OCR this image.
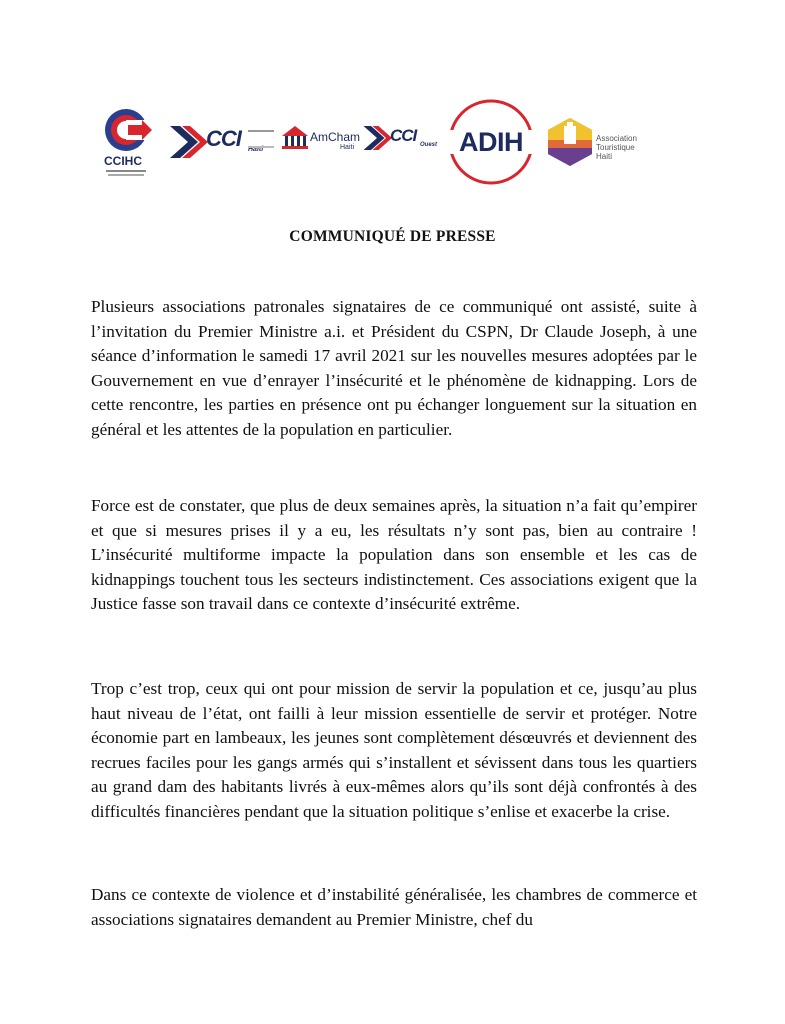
CCIHC
CCI Haïti
AmCham
Haiti
CCI Ouest ADIH	Association
Touristique
Haiti
COMMUNIQUÉ DE PRESSE

Plusieurs associations patronales signataires de ce communiqué ont assisté, suite à l’invitation du Premier Ministre a.i. et Président du CSPN, Dr Claude Joseph, à une séance d’information le samedi 17 avril 2021 sur les nouvelles mesures adoptées par le Gouvernement en vue d’enrayer l’insécurité et le phénomène de kidnapping. Lors de cette rencontre, les parties en présence ont pu échanger longuement sur la situation en général et les attentes de la population en particulier.

Force est de constater, que plus de deux semaines après, la situation n’a fait qu’empirer et que si mesures prises il y a eu, les résultats n’y sont pas, bien au contraire ! L’insécurité multiforme impacte la population dans son ensemble et les cas de kidnappings touchent tous les secteurs indistinctement. Ces associations exigent que la Justice fasse son travail dans ce contexte d’insécurité extrême.

Trop c’est trop, ceux qui ont pour mission de servir la population et ce, jusqu’au plus haut niveau de l’état, ont failli à leur mission essentielle de servir et protéger. Notre économie part en lambeaux, les jeunes sont complètement désœuvrés et deviennent des recrues faciles pour les gangs armés qui s’installent et sévissent dans tous les quartiers au grand dam des habitants livrés à eux-mêmes alors qu’ils sont déjà confrontés à des difficultés financières pendant que la situation politique s’enlise et exacerbe la crise.

Dans ce contexte de violence et d’instabilité généralisée, les chambres de commerce et associations signataires demandent au Premier Ministre, chef du
